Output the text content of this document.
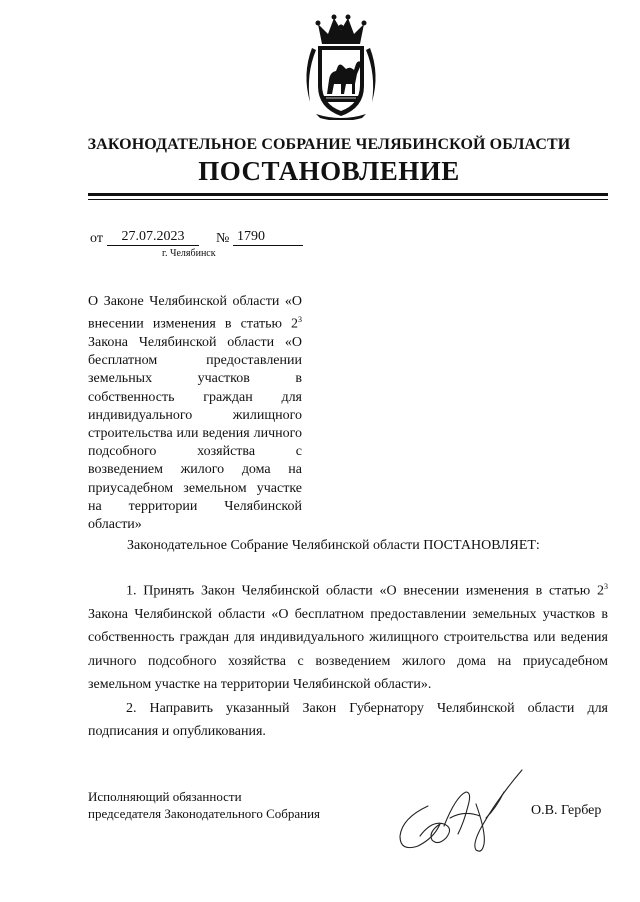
ЗАКОНОДАТЕЛЬНОЕ СОБРАНИЕ ЧЕЛЯБИНСКОЙ ОБЛАСТИ
ПОСТАНОВЛЕНИЕ
от	27.07.2023	№ 1790
г. Челябинск
О Законе Челябинской области «О внесении изменения в статью $2^3$ Закона Челябинской области «О бесплатном предоставлении земельных участков в собственность граждан для индивидуального жилищного строительства или ведения личного подсобного хозяйства с возведением жилого дома на приусадебном земельном участке на территории Челябинской области»
Законодательное Собрание Челябинской области ПОСТАНОВЛЯЕТ:

1. Принять Закон Челябинской области «О внесении изменения в статью $2^3$ Закона Челябинской области «О бесплатном предоставлении земельных участков в собственность граждан для индивидуального жилищного строительства или ведения личного подсобного хозяйства с возведением жилого дома на приусадебном земельном участке на территории Челябинской области».

2. Направить указанный Закон Губернатору Челябинской области для подписания и опубликования.

Исполняющий обязанности
председателя Законодательного Собрания	О.В. Гербер
